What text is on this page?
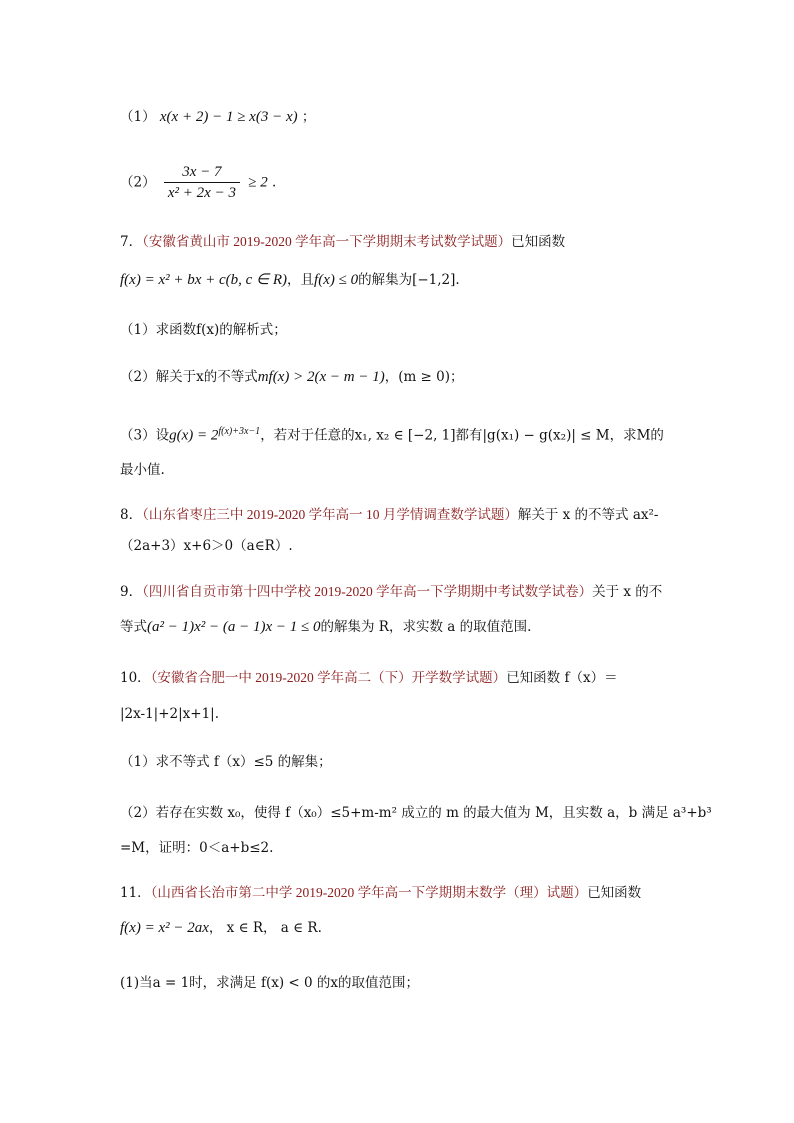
（1） x(x + 2) − 1 ≥ x(3 − x) ；
$(2) \frac{3x - 7}{\text{x² + 2x − 3}} \ge 2$ .
7．（安徽省黄山市 2019-2020 学年高一下学期期末考试数学试题）已知函数
f(x) = x² + bx + c(b, c ∈ R)，且f(x) ≤ 0的解集为[−1,2].
（1）求函数f(x)的解析式；
（2）解关于x的不等式mf(x) > 2(x − m − 1)，(m ≥ 0)；
（3）设$g(x) = 2^{f(x)+3x-1}$，若对于任意的x₁, x₂ ∈ [−2, 1]都有|g(x₁) − g(x₂)| ≤ M，求M的
最小值.
8．（山东省枣庄三中 2019-2020 学年高一 10 月学情调查数学试题）解关于 x 的不等式 ax²-
（2a+3）x+6＞0（a∈R）.
9．（四川省自贡市第十四中学校 2019-2020 学年高一下学期期中考试数学试卷）关于 x 的不
等式(a² − 1)x² − (a − 1)x − 1 ≤ 0的解集为 R，求实数 a 的取值范围.
10．（安徽省合肥一中 2019-2020 学年高二（下）开学数学试题）已知函数 f（x）＝
|2x-1|+2|x+1|.
（1）求不等式 f（x）≤5 的解集；
（2）若存在实数 x₀，使得 f（x₀）≤5+m-m² 成立的 m 的最大值为 M，且实数 a，b 满足 a³+b³
=M，证明：0＜a+b≤2.
11．（山西省长治市第二中学 2019-2020 学年高一下学期期末数学（理）试题）已知函数
f(x) = x² − 2ax， x ∈ R， a ∈ R.
(1)当a = 1时，求满足 f(x) < 0 的x的取值范围；
